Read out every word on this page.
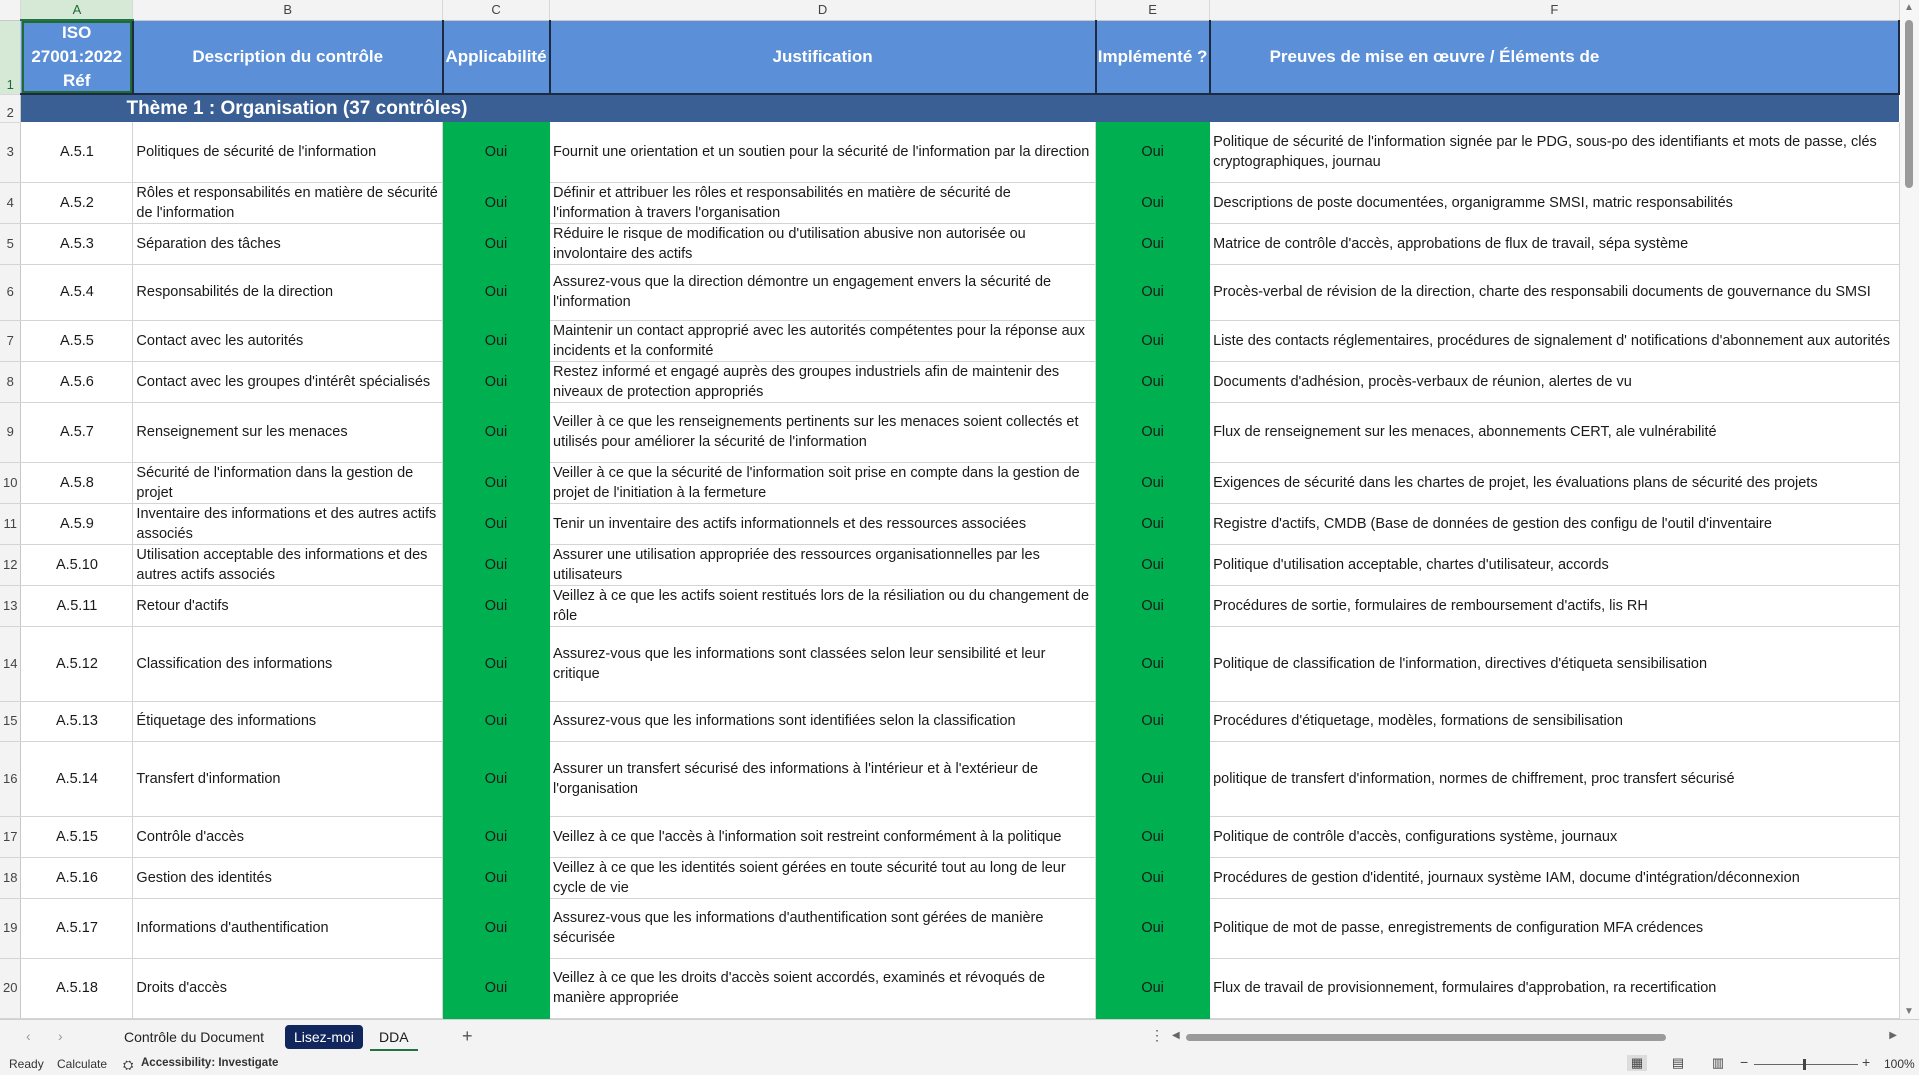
	A	B	C	D	E	F
1	ISO 27001:2022 Réf	Description du contrôle	Applicabilité	Justification	Implémenté ?	Preuves de mise en œuvre / Éléments de
2	Thème 1 : Organisation (37 contrôles)					
3	A.5.1	Politiques de sécurité de l'information	Oui	Fournit une orientation et un soutien pour la sécurité de l'information par la direction	Oui	Politique de sécurité de l'information signée par le PDG, sous-po des identifiants et mots de passe, clés cryptographiques, journau
4	A.5.2	Rôles et responsabilités en matière de sécurité de l'information	Oui	Définir et attribuer les rôles et responsabilités en matière de sécurité de l'information à travers l'organisation	Oui	Descriptions de poste documentées, organigramme SMSI, matric responsabilités
5	A.5.3	Séparation des tâches	Oui	Réduire le risque de modification ou d'utilisation abusive non autorisée ou involontaire des actifs	Oui	Matrice de contrôle d'accès, approbations de flux de travail, sépa système
6	A.5.4	Responsabilités de la direction	Oui	Assurez-vous que la direction démontre un engagement envers la sécurité de l'information	Oui	Procès-verbal de révision de la direction, charte des responsabili documents de gouvernance du SMSI
7	A.5.5	Contact avec les autorités	Oui	Maintenir un contact approprié avec les autorités compétentes pour la réponse aux incidents et la conformité	Oui	Liste des contacts réglementaires, procédures de signalement d' notifications d'abonnement aux autorités
8	A.5.6	Contact avec les groupes d'intérêt spécialisés	Oui	Restez informé et engagé auprès des groupes industriels afin de maintenir des niveaux de protection appropriés	Oui	Documents d'adhésion, procès-verbaux de réunion, alertes de vu
9	A.5.7	Renseignement sur les menaces	Oui	Veiller à ce que les renseignements pertinents sur les menaces soient collectés et utilisés pour améliorer la sécurité de l'information	Oui	Flux de renseignement sur les menaces, abonnements CERT, ale vulnérabilité
10	A.5.8	Sécurité de l'information dans la gestion de projet	Oui	Veiller à ce que la sécurité de l'information soit prise en compte dans la gestion de projet de l'initiation à la fermeture	Oui	Exigences de sécurité dans les chartes de projet, les évaluations plans de sécurité des projets
11	A.5.9	Inventaire des informations et des autres actifs associés	Oui	Tenir un inventaire des actifs informationnels et des ressources associées	Oui	Registre d'actifs, CMDB (Base de données de gestion des configu de l'outil d'inventaire
12	A.5.10	Utilisation acceptable des informations et des autres actifs associés	Oui	Assurer une utilisation appropriée des ressources organisationnelles par les utilisateurs	Oui	Politique d'utilisation acceptable, chartes d'utilisateur, accords
13	A.5.11	Retour d'actifs	Oui	Veillez à ce que les actifs soient restitués lors de la résiliation ou du changement de rôle	Oui	Procédures de sortie, formulaires de remboursement d'actifs, lis RH
14	A.5.12	Classification des informations	Oui	Assurez-vous que les informations sont classées selon leur sensibilité et leur critique	Oui	Politique de classification de l'information, directives d'étiqueta sensibilisation
15	A.5.13	Étiquetage des informations	Oui	Assurez-vous que les informations sont identifiées selon la classification	Oui	Procédures d'étiquetage, modèles, formations de sensibilisation
16	A.5.14	Transfert d'information	Oui	Assurer un transfert sécurisé des informations à l'intérieur et à l'extérieur de l'organisation	Oui	politique de transfert d'information, normes de chiffrement, proc transfert sécurisé
17	A.5.15	Contrôle d'accès	Oui	Veillez à ce que l'accès à l'information soit restreint conformément à la politique	Oui	Politique de contrôle d'accès, configurations système, journaux
18	A.5.16	Gestion des identités	Oui	Veillez à ce que les identités soient gérées en toute sécurité tout au long de leur cycle de vie	Oui	Procédures de gestion d'identité, journaux système IAM, docume d'intégration/déconnexion
19	A.5.17	Informations d'authentification	Oui	Assurez-vous que les informations d'authentification sont gérées de manière sécurisée	Oui	Politique de mot de passe, enregistrements de configuration MFA crédences
20	A.5.18	Droits d'accès	Oui	Veillez à ce que les droits d'accès soient accordés, examinés et révoqués de manière appropriée	Oui	Flux de travail de provisionnement, formulaires d'approbation, ra recertification
▲
▼
‹ ›	Contrôle du Document	Lisez-moi	DDA	+	⋮ ◀	▶
Ready Calculate ⛭ Accessibility: Investigate	▦ ▤ ▥ −	+ 100%
